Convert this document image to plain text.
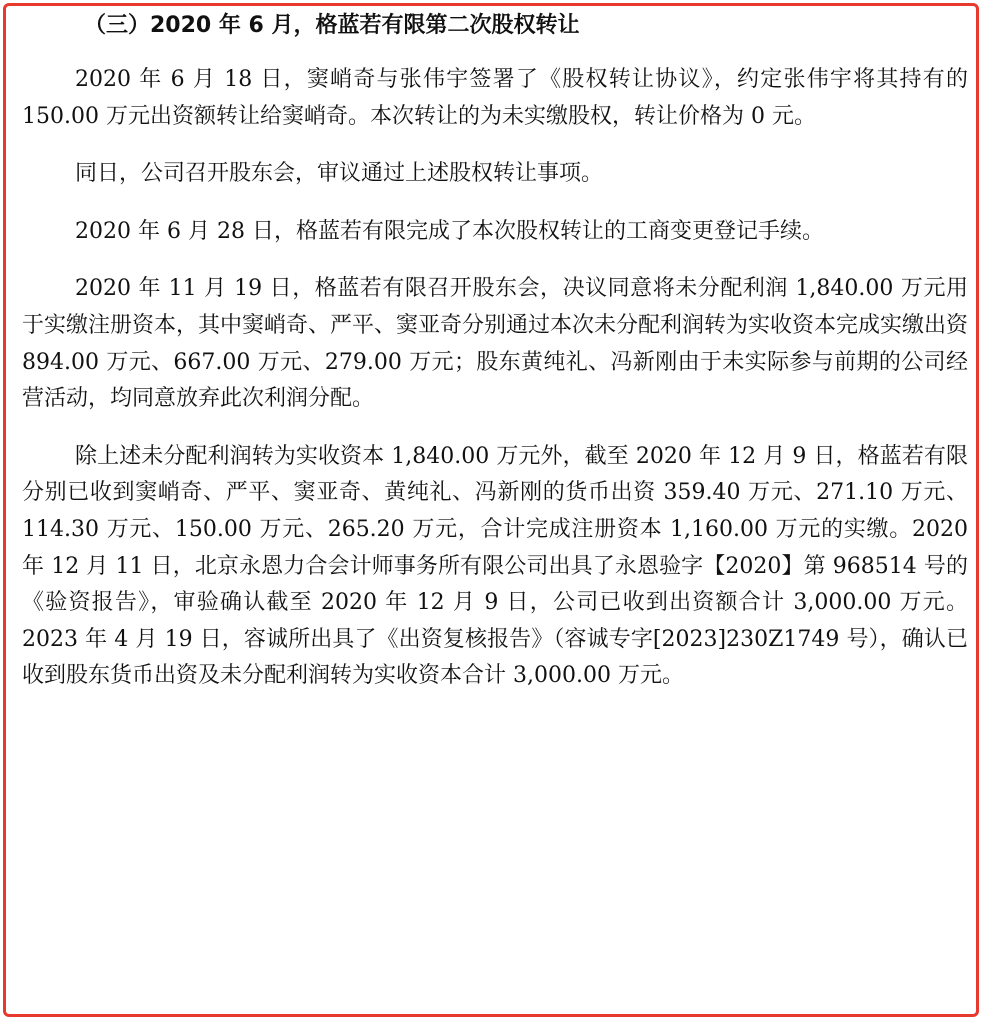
（三）2020 年 6 月，格蓝若有限第二次股权转让

2020 年 6 月 18 日，窦峭奇与张伟宇签署了《股权转让协议》，约定张伟宇将其持有的 150.00 万元出资额转让给窦峭奇。本次转让的为未实缴股权，转让价格为 0 元。

同日，公司召开股东会，审议通过上述股权转让事项。

2020 年 6 月 28 日，格蓝若有限完成了本次股权转让的工商变更登记手续。

2020 年 11 月 19 日，格蓝若有限召开股东会，决议同意将未分配利润 1,840.00 万元用于实缴注册资本，其中窦峭奇、严平、窦亚奇分别通过本次未分配利润转为实收资本完成实缴出资 894.00 万元、667.00 万元、279.00 万元；股东黄纯礼、冯新刚由于未实际参与前期的公司经营活动，均同意放弃此次利润分配。

除上述未分配利润转为实收资本 1,840.00 万元外，截至 2020 年 12 月 9 日，格蓝若有限分别已收到窦峭奇、严平、窦亚奇、黄纯礼、冯新刚的货币出资 359.40 万元、271.10 万元、114.30 万元、150.00 万元、265.20 万元，合计完成注册资本 1,160.00 万元的实缴。2020 年 12 月 11 日，北京永恩力合会计师事务所有限公司出具了永恩验字【2020】第 968514 号的《验资报告》，审验确认截至 2020 年 12 月 9 日，公司已收到出资额合计 3,000.00 万元。2023 年 4 月 19 日，容诚所出具了《出资复核报告》（容诚专字[2023]230Z1749 号），确认已收到股东货币出资及未分配利润转为实收资本合计 3,000.00 万元。
